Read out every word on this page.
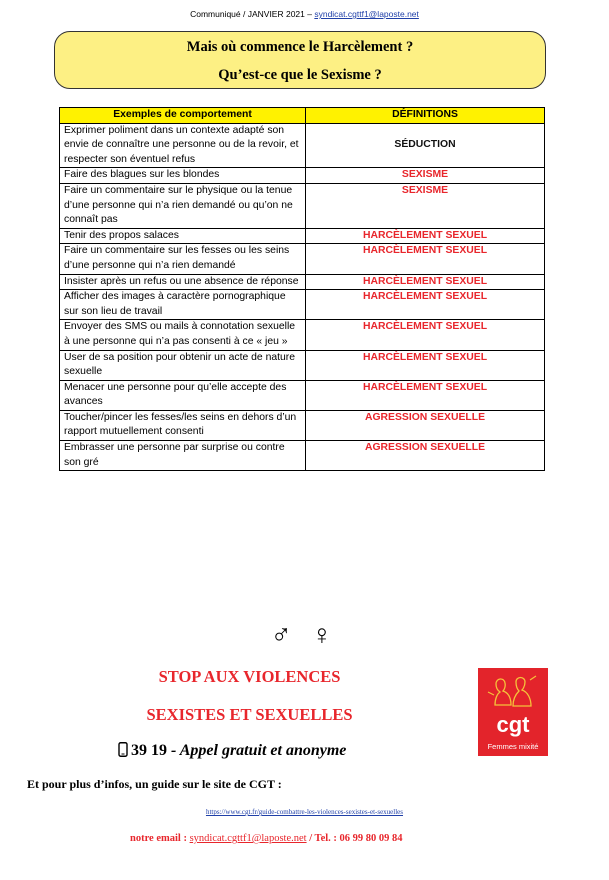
Communiqué / JANVIER 2021 – syndicat.cgttf1@laposte.net
Mais où commence le Harcèlement ?
Qu’est-ce que le Sexisme ?
Exemples de comportement	DÉFINITIONS
Exprimer poliment dans un contexte adapté son envie de connaître une personne ou de la revoir, et respecter son éventuel refus	SÉDUCTION
Faire des blagues sur les blondes	SEXISME
Faire un commentaire sur le physique ou la tenue d’une personne qui n’a rien demandé ou qu’on ne connaît pas	SEXISME
Tenir des propos salaces	HARCÈLEMENT SEXUEL
Faire un commentaire sur les fesses ou les seins d’une personne qui n’a rien demandé	HARCÈLEMENT SEXUEL
Insister après un refus ou une absence de réponse	HARCÈLEMENT SEXUEL
Afficher des images à caractère pornographique sur son lieu de travail	HARCÈLEMENT SEXUEL
Envoyer des SMS ou mails à connotation sexuelle à une personne qui n’a pas consenti à ce « jeu »	HARCÈLEMENT SEXUEL
User de sa position pour obtenir un acte de nature sexuelle	HARCÈLEMENT SEXUEL
Menacer une personne pour qu’elle accepte des avances	HARCÈLEMENT SEXUEL
Toucher/pincer les fesses/les seins en dehors d’un rapport mutuellement consenti	AGRESSION SEXUELLE
Embrasser une personne par surprise ou contre son gré	AGRESSION SEXUELLE
♂ ♀
STOP AUX VIOLENCES
SEXISTES ET SEXUELLES
39 19 - Appel gratuit et anonyme
cgt
Femmes mixité
Et pour plus d’infos, un guide sur le site de CGT :
https://www.cgt.fr/guide-combattre-les-violences-sexistes-et-sexuelles
notre email : syndicat.cgttf1@laposte.net / Tel. : 06 99 80 09 84
